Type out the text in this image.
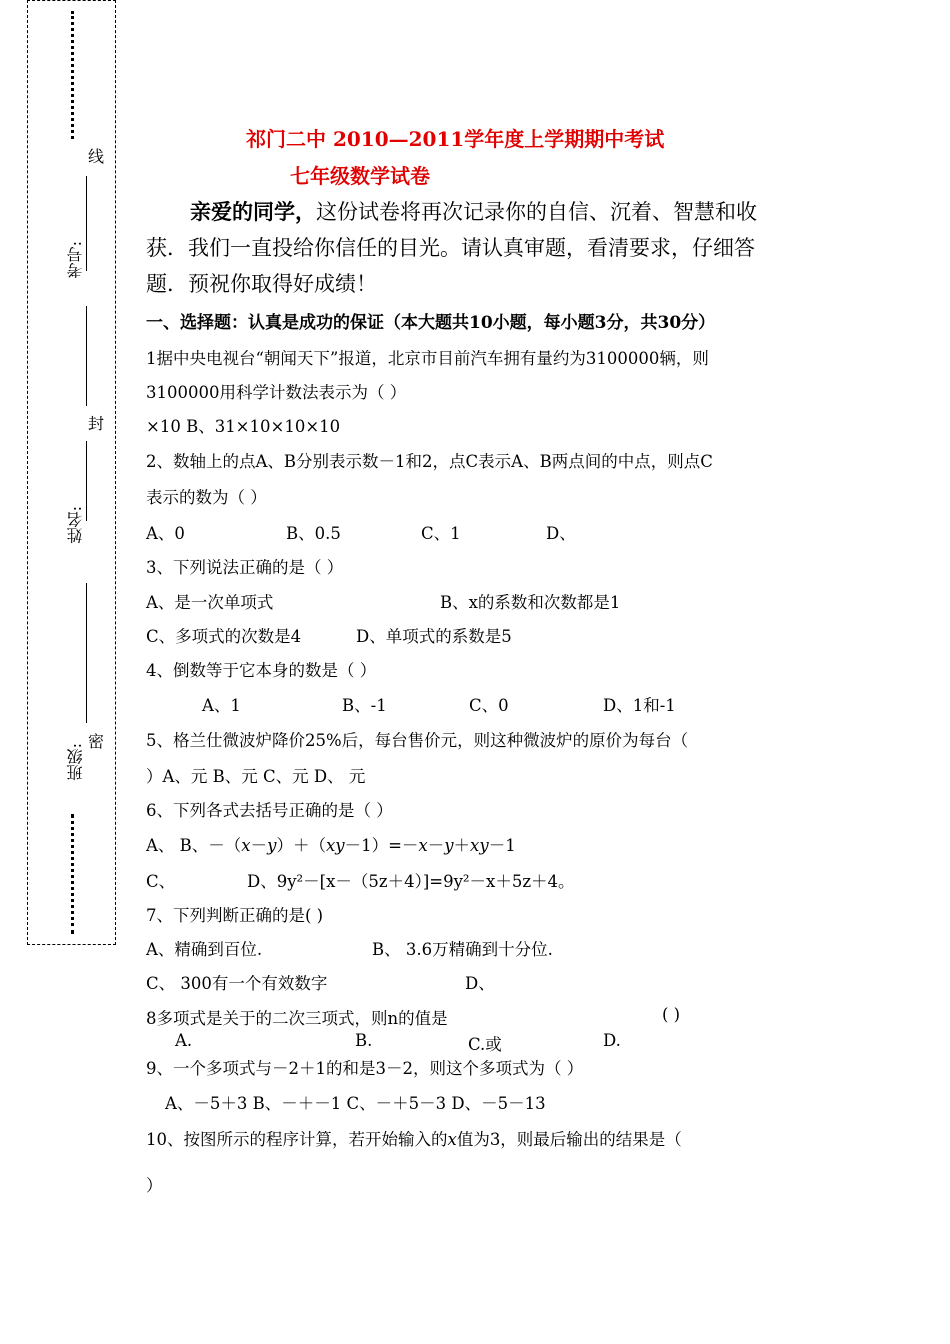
线
考号:
封
姓名:
密
班级:
祁门二中 2010—2011学年度上学期期中考试
七年级数学试卷

亲爱的同学，这份试卷将再次记录你的自信、沉着、智慧和收

获．我们一直投给你信任的目光。请认真审题，看清要求，仔细答

题．预祝你取得好成绩！

一、选择题：认真是成功的保证（本大题共10小题，每小题3分，共30分）
1据中央电视台“朝闻天下”报道，北京市目前汽车拥有量约为3100000辆，则
3100000用科学计数法表示为（ ）
×10 B、31×10×10×10
2、数轴上的点A、B分别表示数－1和2，点C表示A、B两点间的中点，则点C
表示的数为（ ）
A、0	B、0.5	C、1	D、
3、下列说法正确的是（ ）
A、是一次单项式	B、x的系数和次数都是1
C、多项式的次数是4	D、单项式的系数是5
4、倒数等于它本身的数是（ ）
A、1	B、-1	C、0	D、1和-1
5、格兰仕微波炉降价25%后，每台售价元，则这种微波炉的原价为每台（
）A、元 B、元 C、元 D、 元
6、下列各式去括号正确的是（ ）
A、 B、－（x－y）＋（xy－1）=－x－y＋xy－1
C、	D、9y²－[x－（5z＋4）]=9y²－x＋5z＋4。
7、下列判断正确的是( )
A、精确到百位.	B、 3.6万精确到十分位.
C、 300有一个有效数字	D、
8多项式是关于的二次三项式，则n的值是	( )
A.	B.	C.或	D.
9、一个多项式与－2＋1的和是3－2，则这个多项式为（ ）
A、－5＋3 B、－＋－1 C、－＋5－3 D、－5－13
10、按图所示的程序计算，若开始输入的x值为3，则最后输出的结果是（
）
